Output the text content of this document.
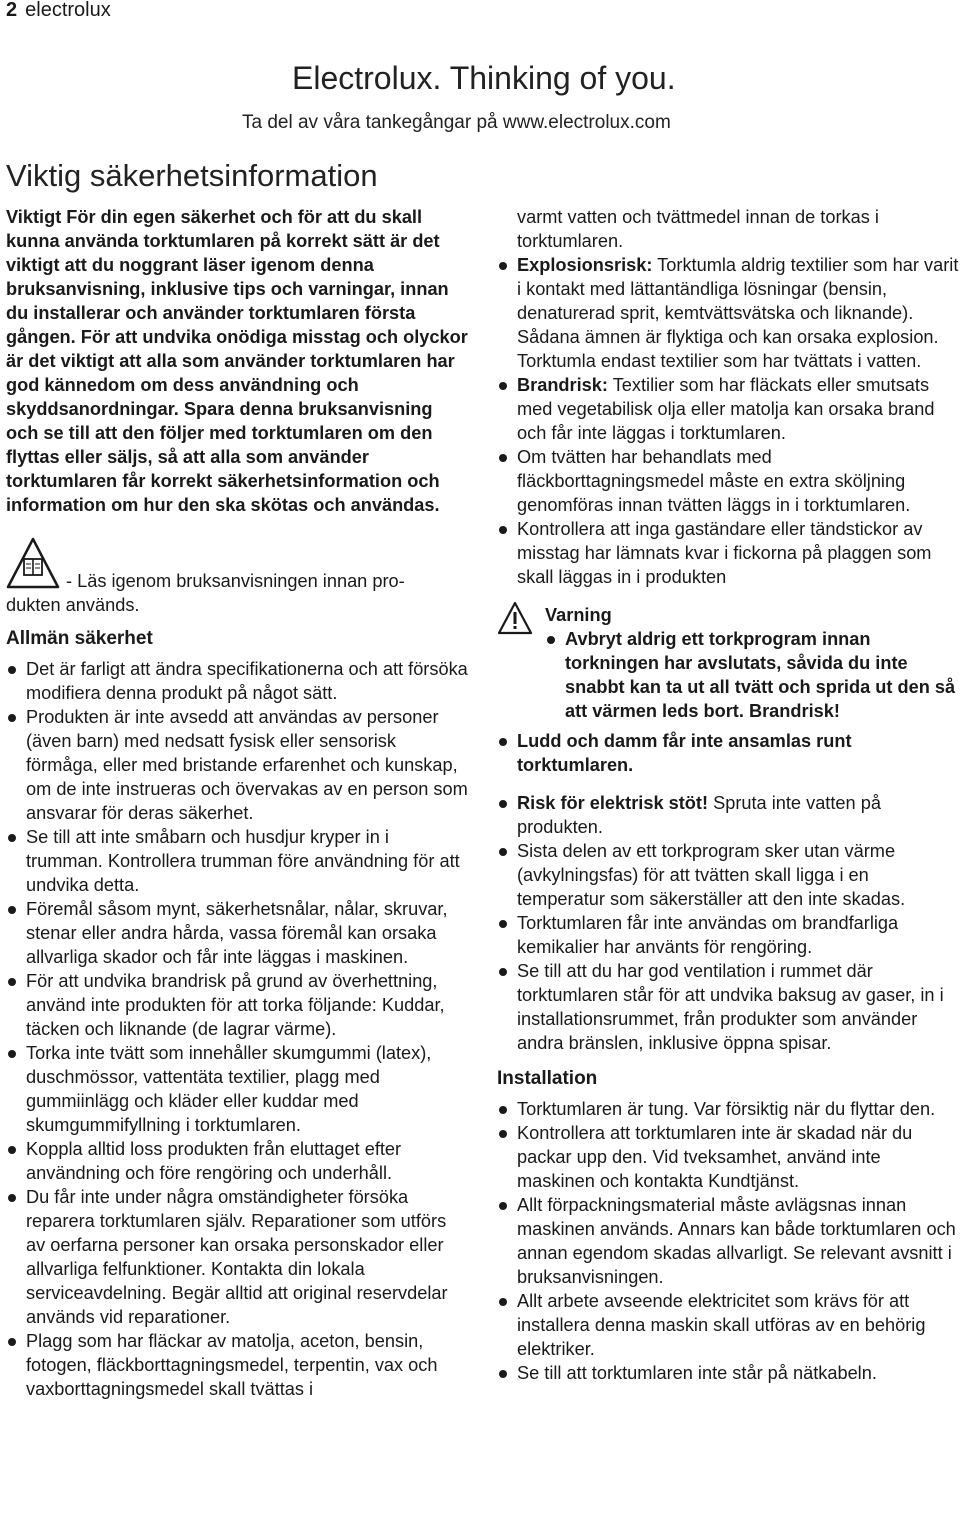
2 electrolux
Electrolux. Thinking of you.
Ta del av våra tankegångar på www.electrolux.com
Viktig säkerhetsinformation

Viktigt För din egen säkerhet och för att du skall kunna använda torktumlaren på korrekt sätt är det viktigt att du noggrant läser igenom denna bruksanvisning, inklusive tips och varningar, innan du installerar och använder torktumlaren första gången. För att undvika onödiga misstag och olyckor är det viktigt att alla som använder torktumlaren har god kännedom om dess användning och skyddsanordningar. Spara denna bruksanvisning och se till att den följer med torktumlaren om den flyttas eller säljs, så att alla som använder torktumlaren får korrekt säkerhetsinformation och information om hur den ska skötas och användas.

- Läs igenom bruksanvisningen innan pro-
dukten används.
Allmän säkerhet
Det är farligt att ändra specifikationerna och att försöka modifiera denna produkt på något sätt.
Produkten är inte avsedd att användas av personer (även barn) med nedsatt fysisk eller sensorisk förmåga, eller med bristande erfarenhet och kunskap, om de inte instrueras och övervakas av en person som ansvarar för deras säkerhet.
Se till att inte småbarn och husdjur kryper in i trumman. Kontrollera trumman före användning för att undvika detta.
Föremål såsom mynt, säkerhetsnålar, nålar, skruvar, stenar eller andra hårda, vassa föremål kan orsaka allvarliga skador och får inte läggas i maskinen.
För att undvika brandrisk på grund av överhettning, använd inte produkten för att torka följande: Kuddar, täcken och liknande (de lagrar värme).
Torka inte tvätt som innehåller skumgummi (latex), duschmössor, vattentäta textilier, plagg med gummiinlägg och kläder eller kuddar med skumgummifyllning i torktumlaren.
Koppla alltid loss produkten från eluttaget efter användning och före rengöring och underhåll.
Du får inte under några omständigheter försöka reparera torktumlaren själv. Reparationer som utförs av oerfarna personer kan orsaka personskador eller allvarliga felfunktioner. Kontakta din lokala serviceavdelning. Begär alltid att original reservdelar används vid reparationer.
Plagg som har fläckar av matolja, aceton, bensin, fotogen, fläckborttagningsmedel, terpentin, vax och vaxborttagningsmedel skall tvättas i
varmt vatten och tvättmedel innan de torkas i torktumlaren.
Explosionsrisk: Torktumla aldrig textilier som har varit i kontakt med lättantändliga lösningar (bensin, denaturerad sprit, kemtvättsvätska och liknande). Sådana ämnen är flyktiga och kan orsaka explosion. Torktumla endast textilier som har tvättats i vatten.
Brandrisk: Textilier som har fläckats eller smutsats med vegetabilisk olja eller matolja kan orsaka brand och får inte läggas i torktumlaren.
Om tvätten har behandlats med fläckborttagningsmedel måste en extra sköljning genomföras innan tvätten läggs in i torktumlaren.
Kontrollera att inga gaständare eller tändstickor av misstag har lämnats kvar i fickorna på plaggen som skall läggas in i produkten
Varning
Avbryt aldrig ett torkprogram innan torkningen har avslutats, såvida du inte snabbt kan ta ut all tvätt och sprida ut den så att värmen leds bort. Brandrisk!
Ludd och damm får inte ansamlas runt torktumlaren.
Risk för elektrisk stöt! Spruta inte vatten på produkten.
Sista delen av ett torkprogram sker utan värme (avkylningsfas) för att tvätten skall ligga i en temperatur som säkerställer att den inte skadas.
Torktumlaren får inte användas om brandfarliga kemikalier har använts för rengöring.
Se till att du har god ventilation i rummet där torktumlaren står för att undvika baksug av gaser, in i installationsrummet, från produkter som använder andra bränslen, inklusive öppna spisar.
Installation
Torktumlaren är tung. Var försiktig när du flyttar den.
Kontrollera att torktumlaren inte är skadad när du packar upp den. Vid tveksamhet, använd inte maskinen och kontakta Kundtjänst.
Allt förpackningsmaterial måste avlägsnas innan maskinen används. Annars kan både torktumlaren och annan egendom skadas allvarligt. Se relevant avsnitt i bruksanvisningen.
Allt arbete avseende elektricitet som krävs för att installera denna maskin skall utföras av en behörig elektriker.
Se till att torktumlaren inte står på nätkabeln.
